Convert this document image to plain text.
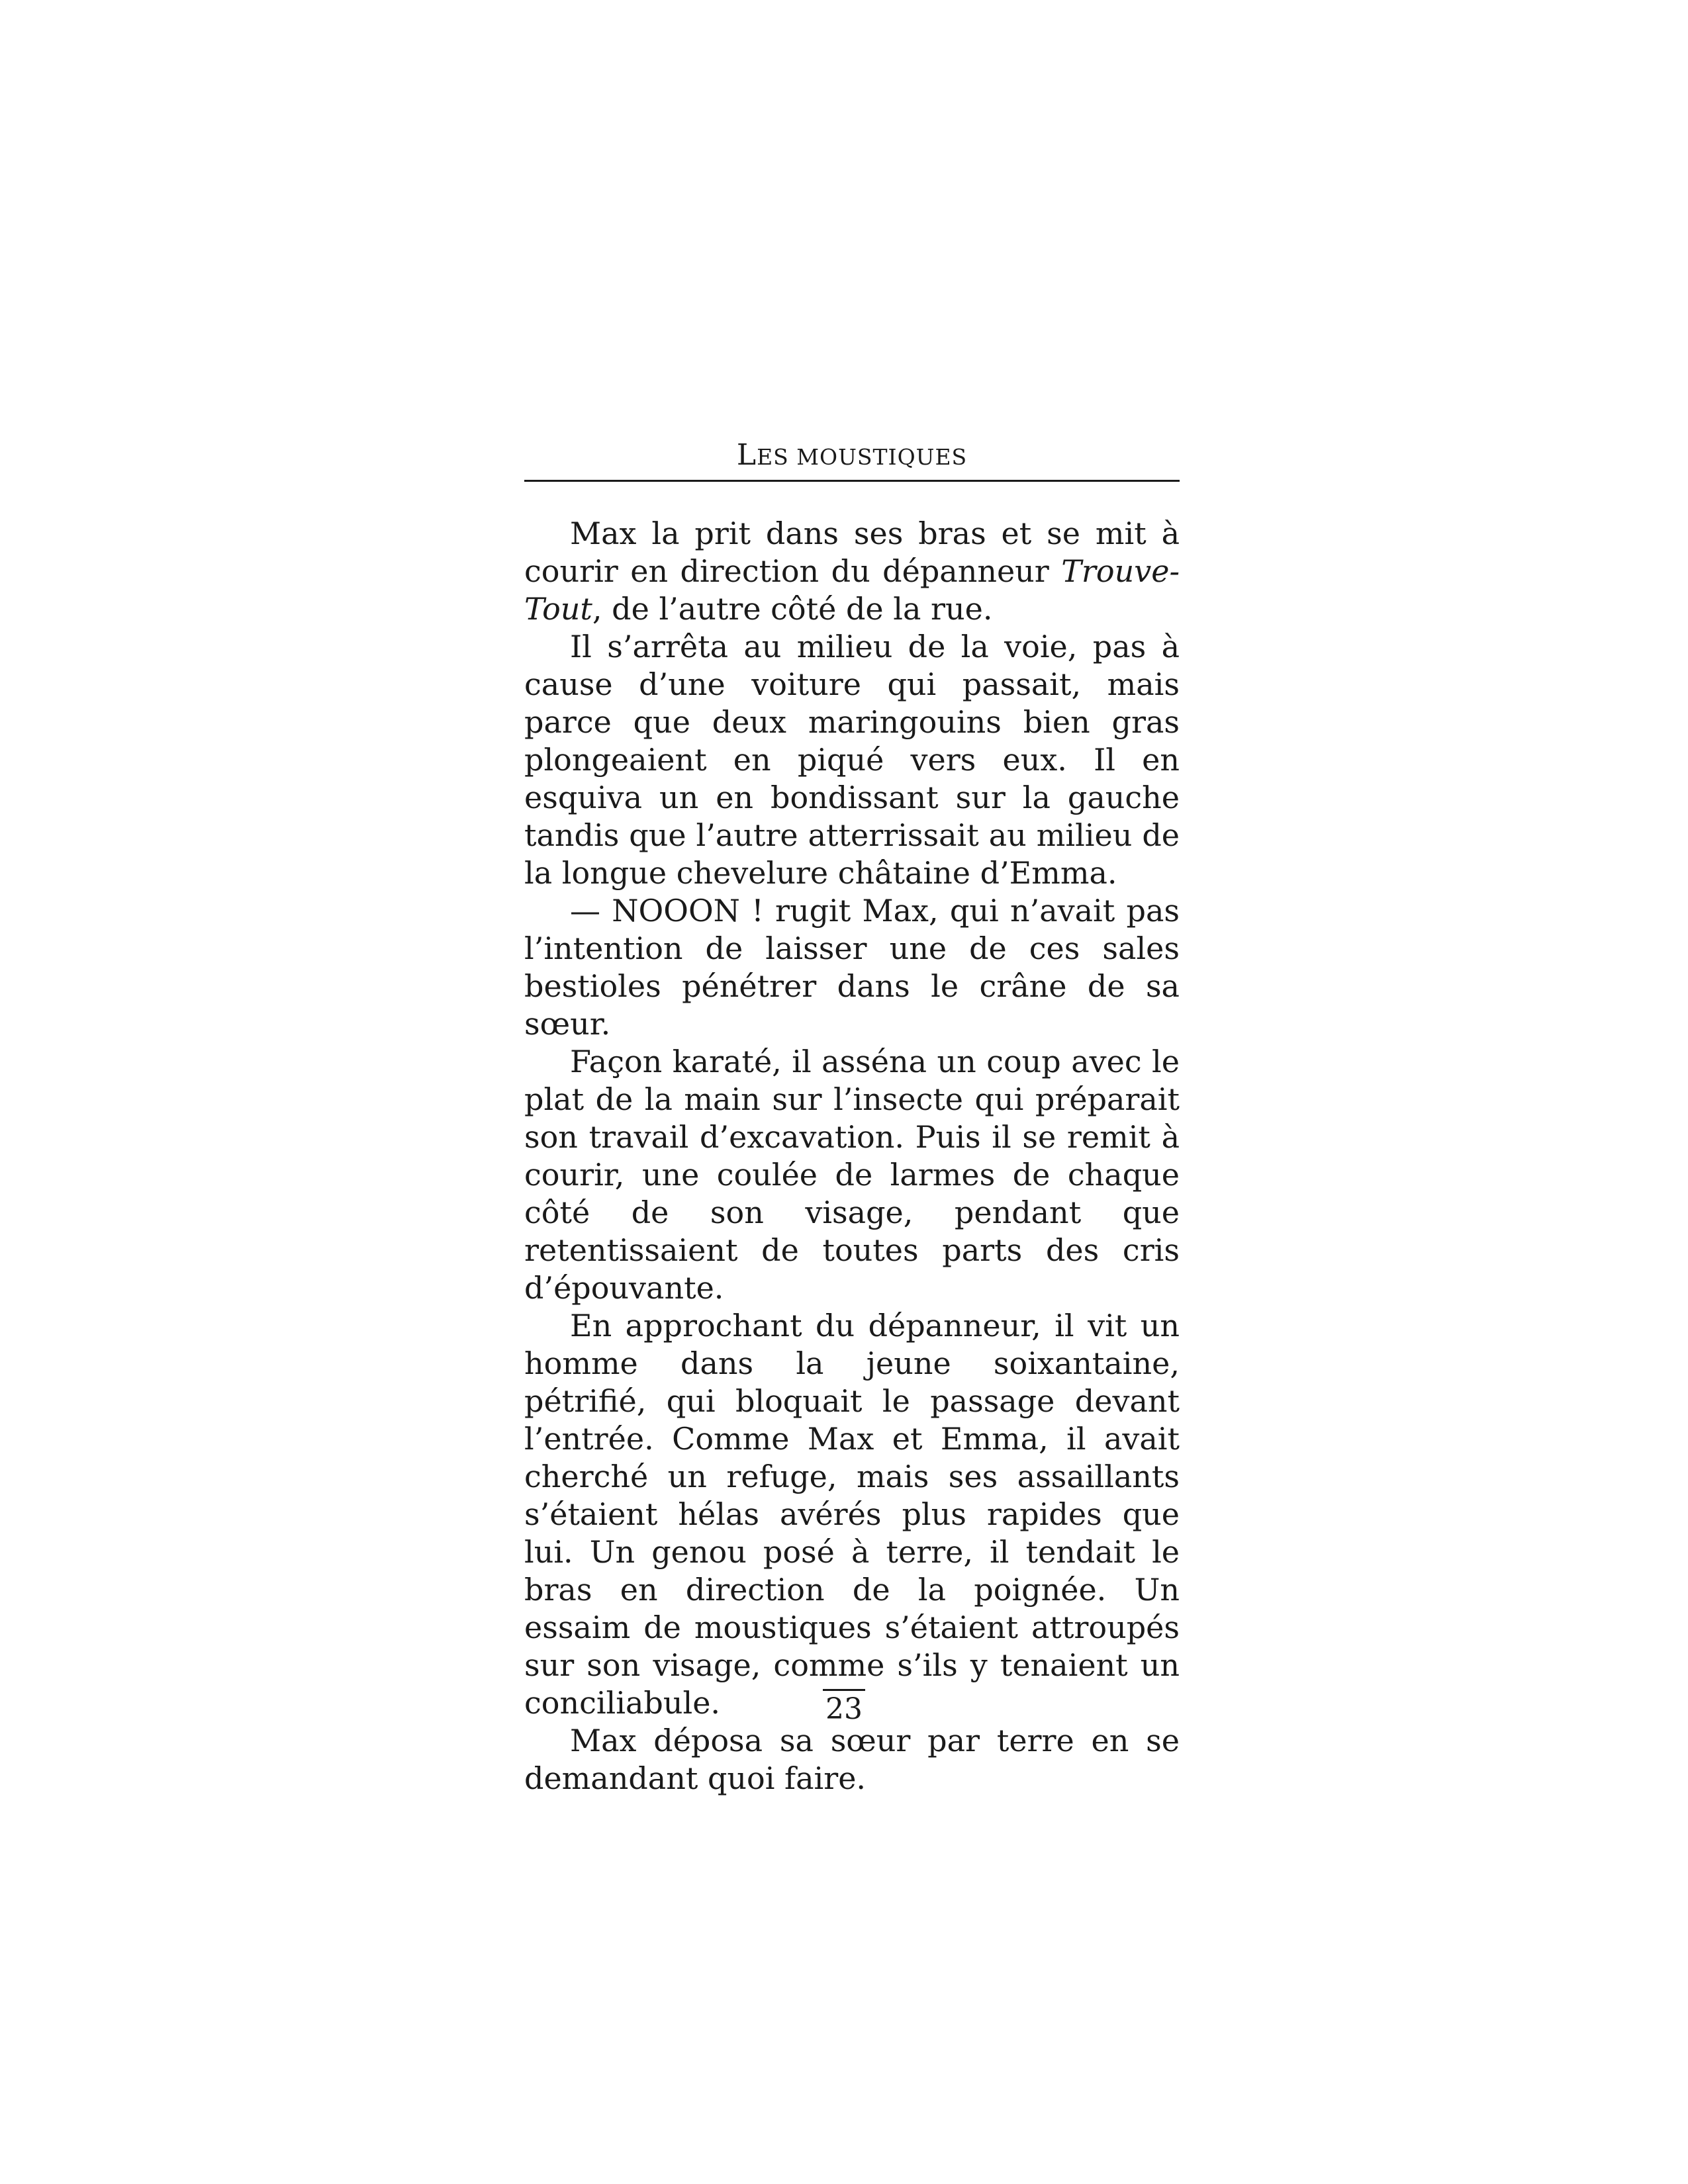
LES MOUSTIQUES

Max la prit dans ses bras et se mit à courir en direction du dépanneur Trouve-Tout, de l’autre côté de la rue.

Il s’arrêta au milieu de la voie, pas à cause d’une voiture qui passait, mais parce que deux maringouins bien gras plongeaient en piqué vers eux. Il en esquiva un en bondissant sur la gauche tandis que l’autre atterrissait au milieu de la longue chevelure châtaine d’Emma.

— NOOON ! rugit Max, qui n’avait pas l’intention de laisser une de ces sales bestioles pénétrer dans le crâne de sa sœur.

Façon karaté, il asséna un coup avec le plat de la main sur l’insecte qui préparait son travail d’excavation. Puis il se remit à courir, une coulée de larmes de chaque côté de son visage, pendant que retentissaient de toutes parts des cris d’épouvante.

En approchant du dépanneur, il vit un homme dans la jeune soixantaine, pétrifié, qui bloquait le passage devant l’entrée. Comme Max et Emma, il avait cherché un refuge, mais ses assaillants s’étaient hélas avérés plus rapides que lui. Un genou posé à terre, il tendait le bras en direction de la poignée. Un essaim de moustiques s’étaient attroupés sur son visage, comme s’ils y tenaient un conciliabule.

Max déposa sa sœur par terre en se demandant quoi faire.

23
